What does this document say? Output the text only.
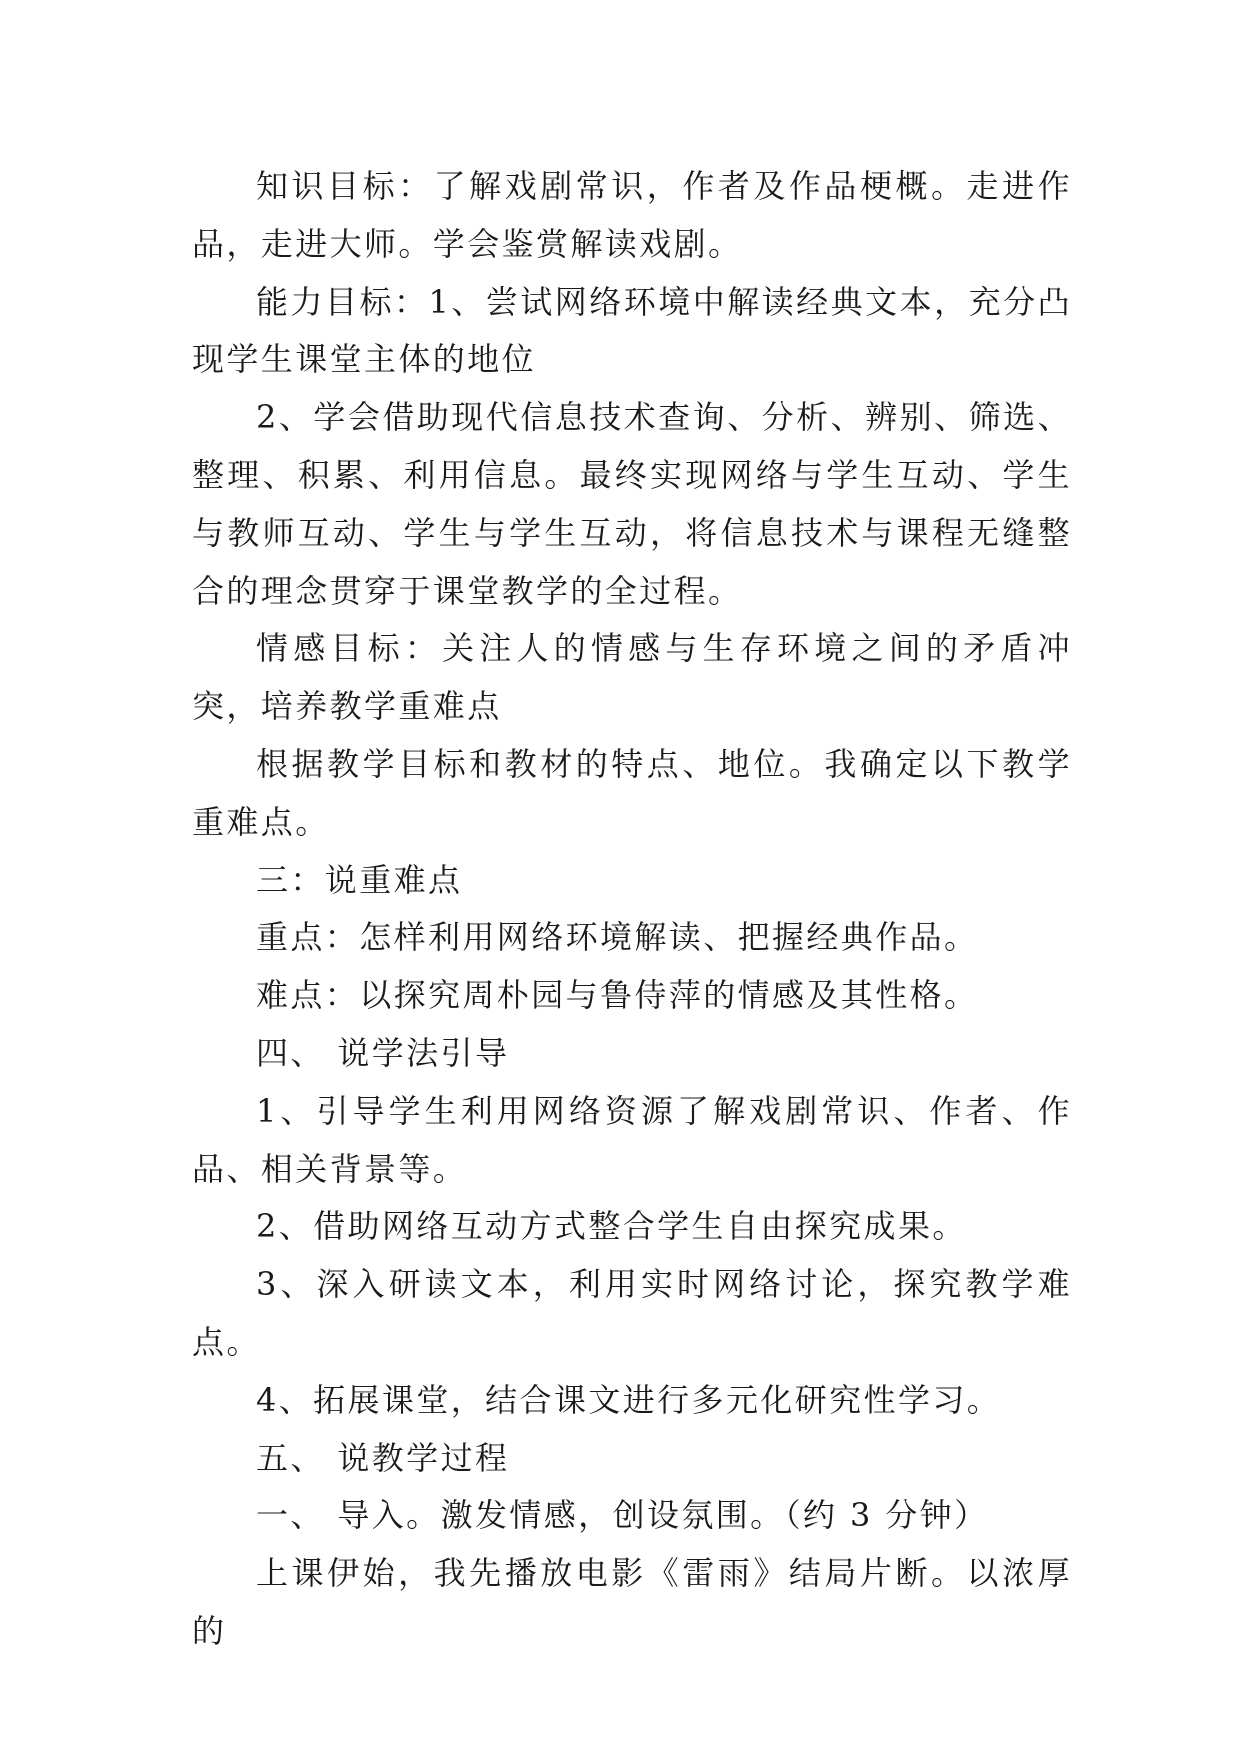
知识目标：了解戏剧常识，作者及作品梗概。走进作品，走进大师。学会鉴赏解读戏剧。

能力目标：1、尝试网络环境中解读经典文本，充分凸现学生课堂主体的地位

2、学会借助现代信息技术查询、分析、辨别、筛选、整理、积累、利用信息。最终实现网络与学生互动、学生与教师互动、学生与学生互动，将信息技术与课程无缝整合的理念贯穿于课堂教学的全过程。

情感目标：关注人的情感与生存环境之间的矛盾冲突，培养教学重难点

根据教学目标和教材的特点、地位。我确定以下教学重难点。

三：说重难点

重点：怎样利用网络环境解读、把握经典作品。

难点：以探究周朴园与鲁侍萍的情感及其性格。

四、 说学法引导

1、引导学生利用网络资源了解戏剧常识、作者、作品、相关背景等。

2、借助网络互动方式整合学生自由探究成果。

3、深入研读文本，利用实时网络讨论，探究教学难点。

4、拓展课堂，结合课文进行多元化研究性学习。

五、 说教学过程

一、 导入。激发情感，创设氛围。（约 3 分钟）

上课伊始，我先播放电影《雷雨》结局片断。以浓厚的
